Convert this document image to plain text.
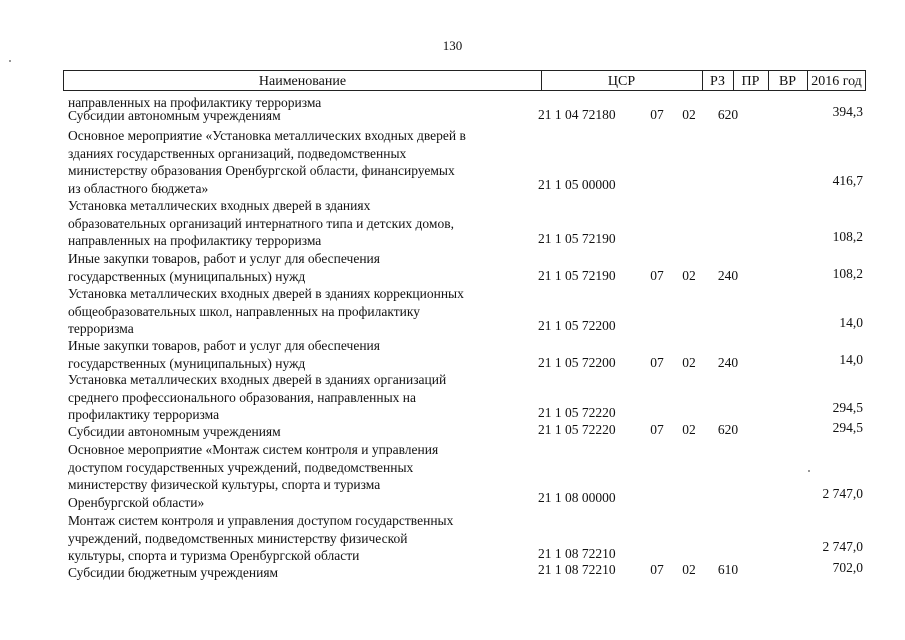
130
Наименование	ЦСР	РЗ	ПР	ВР	2016 год
направленных на профилактику терроризма
Субсидии автономным учреждениям	21 1 04 72180	07	02	620	394,3
Основное мероприятие «Установка металлических входных дверей в
зданиях государственных организаций, подведомственных
министерству образования Оренбургской области, финансируемых
из областного бюджета»	21 1 05 00000	416,7
Установка металлических входных дверей в зданиях
образовательных организаций интернатного типа и детских домов,
направленных на профилактику терроризма	21 1 05 72190	108,2
Иные закупки товаров, работ и услуг для обеспечения
государственных (муниципальных) нужд	21 1 05 72190	07	02	240	108,2
Установка металлических входных дверей в зданиях коррекционных
общеобразовательных школ, направленных на профилактику
терроризма	21 1 05 72200	14,0
Иные закупки товаров, работ и услуг для обеспечения
государственных (муниципальных) нужд	21 1 05 72200	07	02	240	14,0
Установка металлических входных дверей в зданиях организаций
среднего профессионального образования, направленных на
профилактику терроризма	21 1 05 72220	294,5
Субсидии автономным учреждениям	21 1 05 72220	07	02	620	294,5
Основное мероприятие «Монтаж систем контроля и управления
доступом государственных учреждений, подведомственных
министерству физической культуры, спорта и туризма
Оренбургской области»	21 1 08 00000	2 747,0
Монтаж систем контроля и управления доступом государственных
учреждений, подведомственных министерству физической
культуры, спорта и туризма Оренбургской области	21 1 08 72210	2 747,0
Субсидии бюджетным учреждениям	21 1 08 72210	07	02	610	702,0
